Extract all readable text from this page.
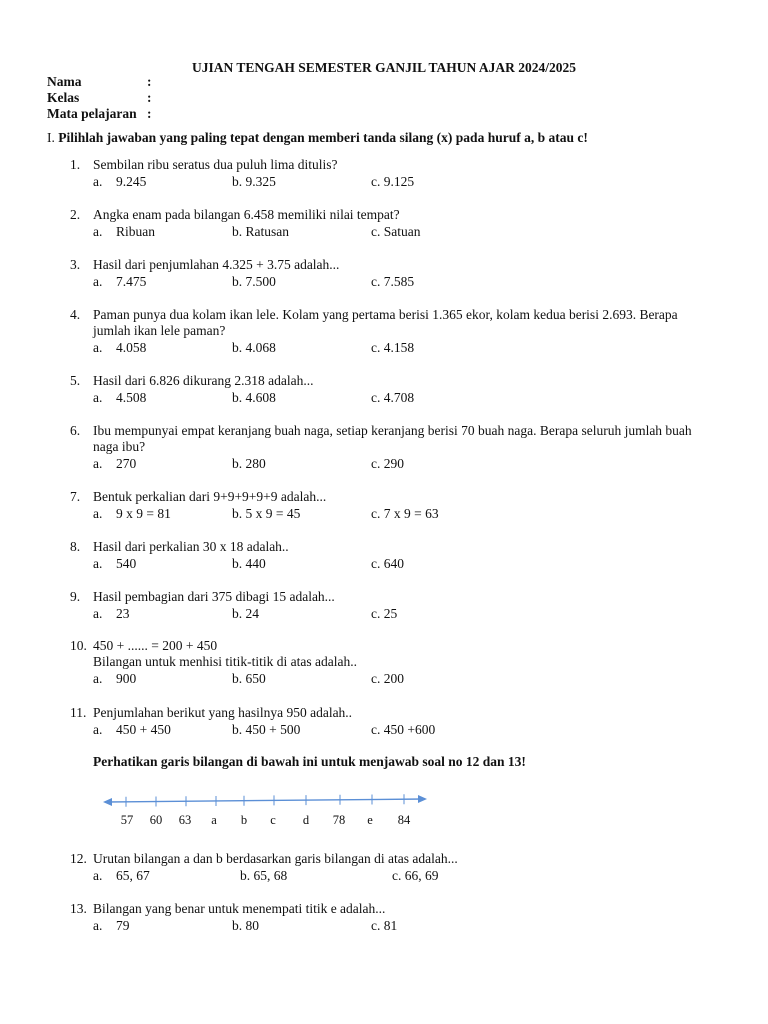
UJIAN TENGAH SEMESTER GANJIL TAHUN AJAR 2024/2025
Nama	:
Kelas	:
Mata pelajaran :
I. Pilihlah jawaban yang paling tepat dengan memberi tanda silang (x) pada huruf a, b atau c!
1. Sembilan ribu seratus dua puluh lima ditulis?
a. 9.245	b. 9.325	c. 9.125
2. Angka enam pada bilangan 6.458 memiliki nilai tempat?
a. Ribuan	b. Ratusan	c. Satuan
3. Hasil dari penjumlahan 4.325 + 3.75 adalah...
a. 7.475	b. 7.500	c. 7.585
4. Paman punya dua kolam ikan lele. Kolam yang pertama berisi 1.365 ekor, kolam kedua berisi 2.693. Berapa jumlah ikan lele paman?
a. 4.058	b. 4.068	c. 4.158
5. Hasil dari 6.826 dikurang 2.318 adalah...
a. 4.508	b. 4.608	c. 4.708
6. Ibu mempunyai empat keranjang buah naga, setiap keranjang berisi 70 buah naga. Berapa seluruh jumlah buah naga ibu?
a. 270	b. 280	c. 290
7. Bentuk perkalian dari 9+9+9+9+9 adalah...
a. 9 x 9 = 81	b. 5 x 9 = 45	c. 7 x 9 = 63
8. Hasil dari perkalian 30 x 18 adalah..
a. 540	b. 440	c. 640
9. Hasil pembagian dari 375 dibagi 15 adalah...
a. 23	b. 24	c. 25
10. 450 + ...... = 200 + 450
Bilangan untuk menhisi titik-titik di atas adalah..
a. 900	b. 650	c. 200
11. Penjumlahan berikut yang hasilnya 950 adalah..
a. 450 + 450	b. 450 + 500	c. 450 +600
12. Urutan bilangan a dan b berdasarkan garis bilangan di atas adalah...
a. 65, 67	b. 65, 68	c. 66, 69
13. Bilangan yang benar untuk menempati titik e adalah...
a. 79	b. 80	c. 81
Perhatikan garis bilangan di bawah ini untuk menjawab soal no 12 dan 13!
57	60	63	a	b	c	d	78	e	84
